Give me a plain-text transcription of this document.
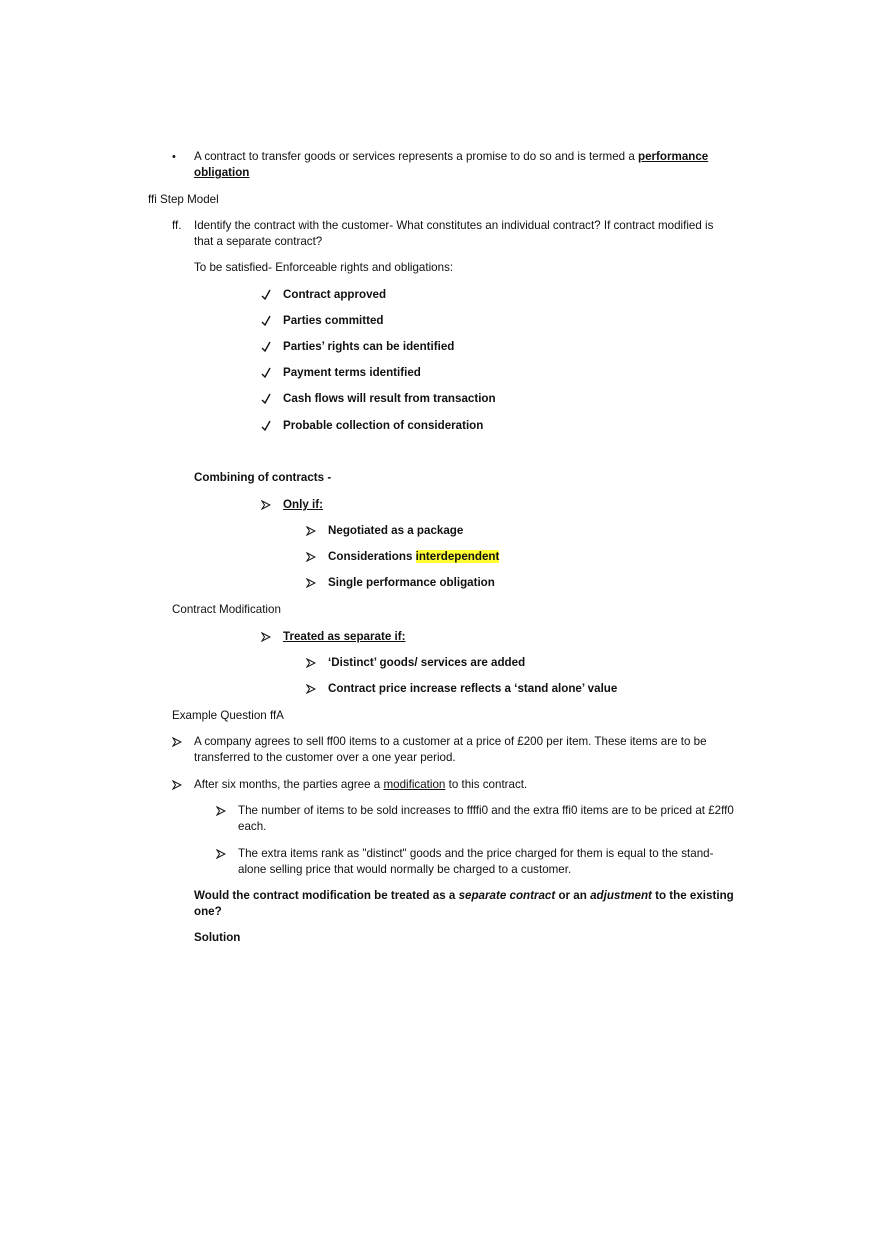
• A contract to transfer goods or services represents a promise to do so and is termed a performance
obligation
ffi Step Model
ff. Identify the contract with the customer- What constitutes an individual contract? If contract modified is
that a separate contract?
To be satisfied- Enforceable rights and obligations:
Contract approved
Parties committed
Parties’ rights can be identified
Payment terms identified
Cash flows will result from transaction
Probable collection of consideration
Combining of contracts -
Only if:
Negotiated as a package
Considerations interdependent
Single performance obligation
Contract Modification
Treated as separate if:
‘Distinct’ goods/ services are added
Contract price increase reflects a ‘stand alone’ value
Example Question ffA
A company agrees to sell ff00 items to a customer at a price of £200 per item. These items are to be
transferred to the customer over a one year period.
After six months, the parties agree a modification to this contract.
The number of items to be sold increases to ffffi0 and the extra ffi0 items are to be priced at £2ff0
each.
The extra items rank as "distinct" goods and the price charged for them is equal to the stand-
alone selling price that would normally be charged to a customer.
Would the contract modification be treated as a separate contract or an adjustment to the existing
one?
Solution
